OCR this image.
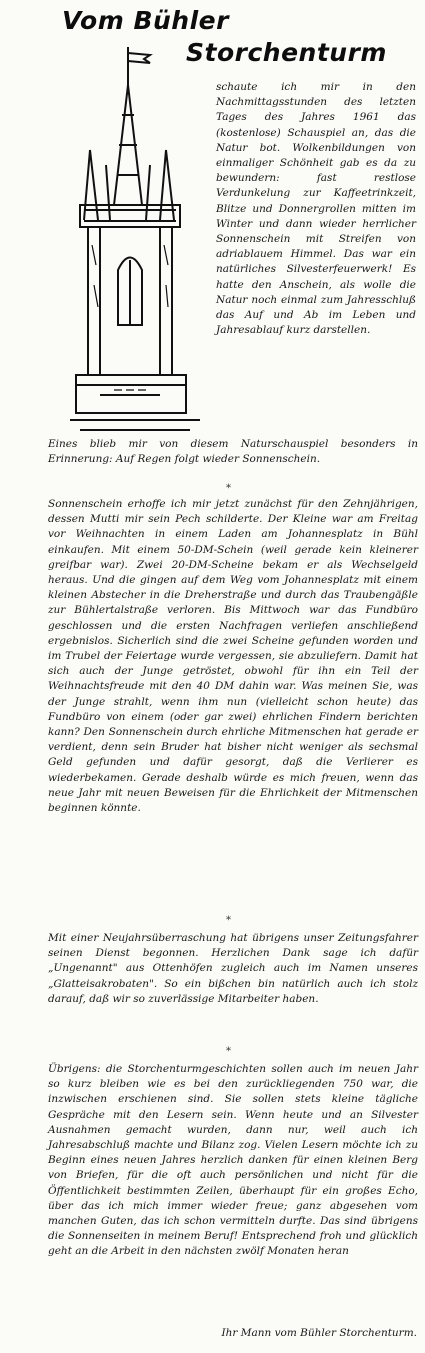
Vom Bühler
Storchenturm
schaute ich mir in den Nachmittagsstunden des letzten Tages des Jahres 1961 das (kostenlose) Schauspiel an, das die Natur bot. Wolkenbildungen von einmaliger Schönheit gab es da zu bewundern: fast restlose Verdunkelung zur Kaffeetrinkzeit, Blitze und Donnergrollen mitten im Winter und dann wieder herrlicher Sonnenschein mit Streifen von adriablauem Himmel. Das war ein natürliches Silvesterfeuerwerk! Es hatte den Anschein, als wolle die Natur noch einmal zum Jahresschluß das Auf und Ab im Leben und Jahresablauf kurz darstellen.
Eines blieb mir von diesem Naturschauspiel besonders in Erinnerung: Auf Regen folgt wieder Sonnenschein.
*
Sonnenschein erhoffe ich mir jetzt zunächst für den Zehnjährigen, dessen Mutti mir sein Pech schilderte. Der Kleine war am Freitag vor Weihnachten in einem Laden am Johannesplatz in Bühl einkaufen. Mit einem 50-DM-Schein (weil gerade kein kleinerer greifbar war). Zwei 20-DM-Scheine bekam er als Wechselgeld heraus. Und die gingen auf dem Weg vom Johannesplatz mit einem kleinen Abstecher in die Dreherstraße und durch das Traubengäßle zur Bühlertalstraße verloren. Bis Mittwoch war das Fundbüro geschlossen und die ersten Nachfragen verliefen anschließend ergebnislos. Sicherlich sind die zwei Scheine gefunden worden und im Trubel der Feiertage wurde vergessen, sie abzuliefern. Damit hat sich auch der Junge getröstet, obwohl für ihn ein Teil der Weihnachtsfreude mit den 40 DM dahin war. Was meinen Sie, was der Junge strahlt, wenn ihm nun (vielleicht schon heute) das Fundbüro von einem (oder gar zwei) ehrlichen Findern berichten kann? Den Sonnenschein durch ehrliche Mitmenschen hat gerade er verdient, denn sein Bruder hat bisher nicht weniger als sechsmal Geld gefunden und dafür gesorgt, daß die Verlierer es wiederbekamen. Gerade deshalb würde es mich freuen, wenn das neue Jahr mit neuen Beweisen für die Ehrlichkeit der Mitmenschen beginnen könnte.
*
Mit einer Neujahrsüberraschung hat übrigens unser Zeitungsfahrer seinen Dienst begonnen. Herzlichen Dank sage ich dafür „Ungenannt" aus Ottenhöfen zugleich auch im Namen unseres „Glatteisakrobaten". So ein bißchen bin natürlich auch ich stolz darauf, daß wir so zuverlässige Mitarbeiter haben.
*
Übrigens: die Storchenturmgeschichten sollen auch im neuen Jahr so kurz bleiben wie es bei den zurückliegenden 750 war, die inzwischen erschienen sind. Sie sollen stets kleine tägliche Gespräche mit den Lesern sein. Wenn heute und an Silvester Ausnahmen gemacht wurden, dann nur, weil auch ich Jahresabschluß machte und Bilanz zog. Vielen Lesern möchte ich zu Beginn eines neuen Jahres herzlich danken für einen kleinen Berg von Briefen, für die oft auch persönlichen und nicht für die Öffentlichkeit bestimmten Zeilen, überhaupt für ein großes Echo, über das ich mich immer wieder freue; ganz abgesehen vom manchen Guten, das ich schon vermitteln durfte. Das sind übrigens die Sonnenseiten in meinem Beruf! Entsprechend froh und glücklich geht an die Arbeit in den nächsten zwölf Monaten heran
Ihr Mann vom Bühler Storchenturm.
